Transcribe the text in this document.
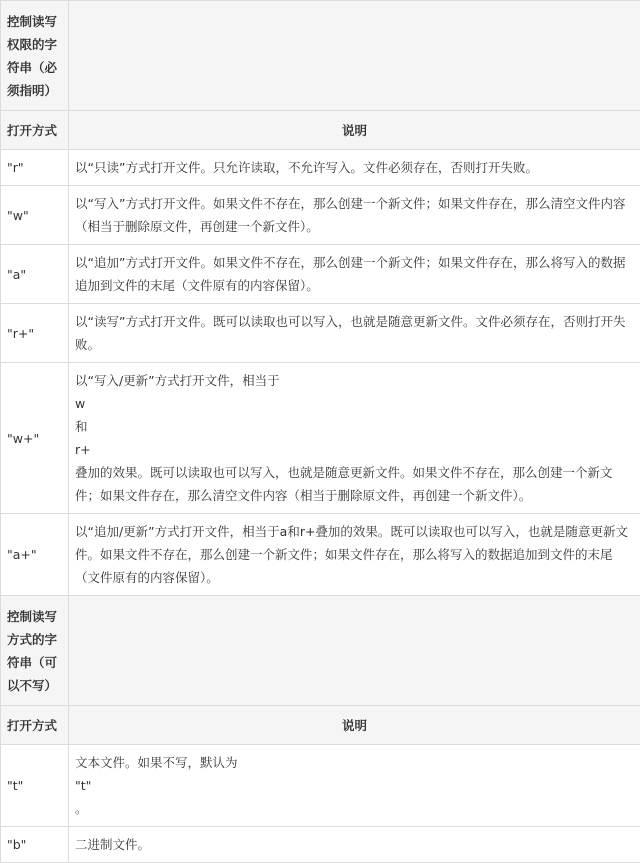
控制读写权限的字符串（必须指明）	
打开方式	说明
"r"	以“只读”方式打开文件。只允许读取，不允许写入。文件必须存在，否则打开失败。

"w"	以“写入”方式打开文件。如果文件不存在，那么创建一个新文件；如果文件存在，那么清空文件内容（相当于删除原文件，再创建一个新文件）。

"a"	以“追加”方式打开文件。如果文件不存在，那么创建一个新文件；如果文件存在，那么将写入的数据追加到文件的末尾（文件原有的内容保留）。

"r+"	以“读写”方式打开文件。既可以读取也可以写入，也就是随意更新文件。文件必须存在，否则打开失败。

"w+"	以“写入/更新”方式打开文件，相当于

w

和

r+

叠加的效果。既可以读取也可以写入，也就是随意更新文件。如果文件不存在，那么创建一个新文件；如果文件存在，那么清空文件内容（相当于删除原文件，再创建一个新文件）。

"a+"	以“追加/更新”方式打开文件，相当于a和r+叠加的效果。既可以读取也可以写入，也就是随意更新文件。如果文件不存在，那么创建一个新文件；如果文件存在，那么将写入的数据追加到文件的末尾（文件原有的内容保留）。

控制读写方式的字符串（可以不写）	
打开方式	说明
"t"	文本文件。如果不写，默认为

"t"

。

"b"	二进制文件。
